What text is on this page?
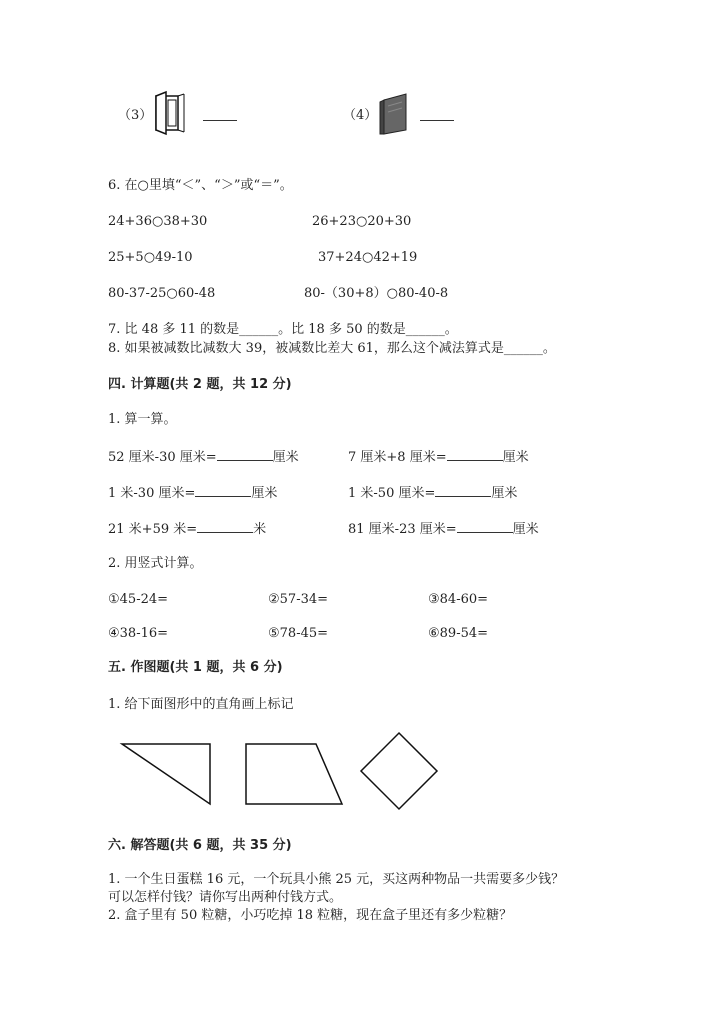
（3）	（4）
6. 在○里填“＜”、“＞”或“＝”。
24+36○38+30	26+23○20+30
25+5○49-10	37+24○42+19
80-37-25○60-48	80-（30+8）○80-40-8
7. 比 48 多 11 的数是______。比 18 多 50 的数是______。
8. 如果被减数比减数大 39，被减数比差大 61，那么这个减法算式是______。
四. 计算题(共 2 题，共 12 分)
1. 算一算。
52 厘米-30 厘米=	厘米	7 厘米+8 厘米=	厘米
1 米-30 厘米=	厘米	1 米-50 厘米=	厘米
21 米+59 米=	米	81 厘米-23 厘米=	厘米
2. 用竖式计算。
①45-24=	②57-34=	③84-60=
④38-16=	⑤78-45=	⑥89-54=
五. 作图题(共 1 题，共 6 分)
1. 给下面图形中的直角画上标记
六. 解答题(共 6 题，共 35 分)
1. 一个生日蛋糕 16 元，一个玩具小熊 25 元，买这两种物品一共需要多少钱？
可以怎样付钱？请你写出两种付钱方式。
2. 盒子里有 50 粒糖，小巧吃掉 18 粒糖，现在盒子里还有多少粒糖？
